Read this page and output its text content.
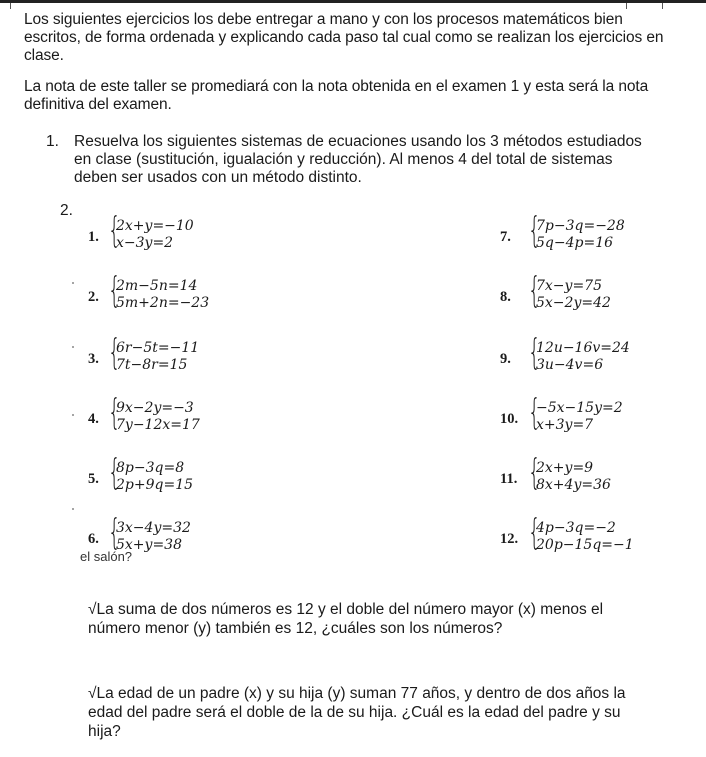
Los siguientes ejercicios los debe entregar a mano y con los procesos matemáticos bien escritos, de forma ordenada y explicando cada paso tal cual como se realizan los ejercicios en clase.
La nota de este taller se promediará con la nota obtenida en el examen 1 y esta será la nota definitiva del examen.
1. Resuelva los siguientes sistemas de ecuaciones usando los 3 métodos estudiados en clase (sustitución, igualación y reducción). Al menos 4 del total de sistemas deben ser usados con un método distinto.
2.
1. {
2x+y=−10
x−3y=2
2. {
2m−5n=14
5m+2n=−23
3. {
6r−5t=−11
7t−8r=15
4. {
9x−2y=−3
7y−12x=17
5. {
8p−3q=8
2p+9q=15
6. {
3x−4y=32
5x+y=38
7. {
7p−3q=−28
5q−4p=16
8. {
7x−y=75
5x−2y=42
9. {
12u−16v=24
3u−4v=6
10. {
−5x−15y=2
x+3y=7
11. {
2x+y=9
8x+4y=36
12. {
4p−3q=−2
20p−15q=−1
el salón?
√La suma de dos números es 12 y el doble del número mayor (x) menos el número menor (y) también es 12, ¿cuáles son los números?
√La edad de un padre (x) y su hija (y) suman 77 años, y dentro de dos años la edad del padre será el doble de la de su hija. ¿Cuál es la edad del padre y su hija?
